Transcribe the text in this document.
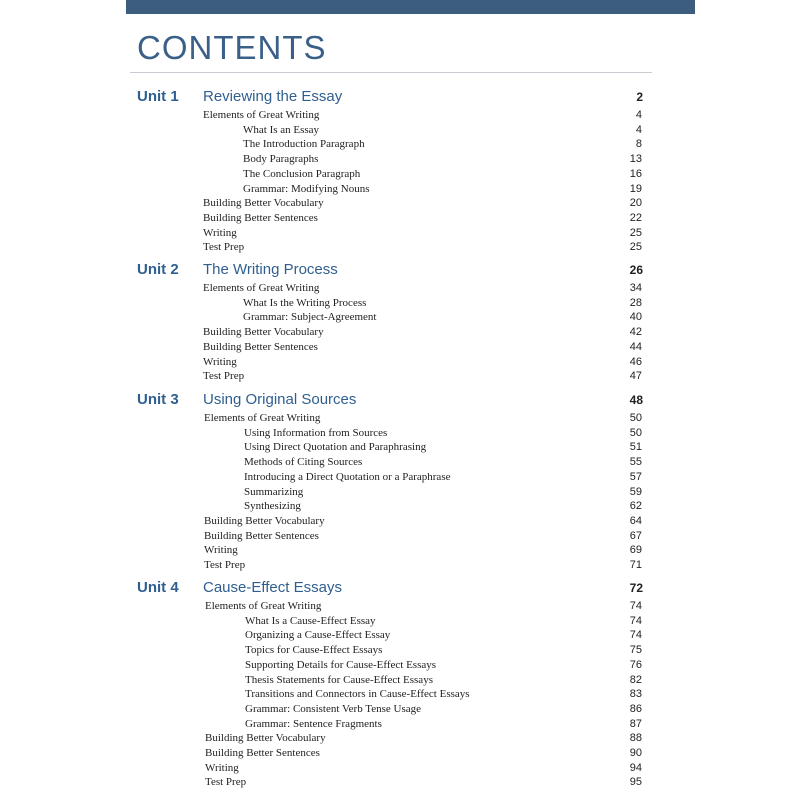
CONTENTS
Unit 1 Reviewing the Essay	2
Elements of Great Writing	4
What Is an Essay	4
The Introduction Paragraph	8
Body Paragraphs	13
The Conclusion Paragraph	16
Grammar: Modifying Nouns	19
Building Better Vocabulary	20
Building Better Sentences	22
Writing	25
Test Prep	25
Unit 2 The Writing Process	26
Elements of Great Writing	34
What Is the Writing Process	28
Grammar: Subject-Agreement	40
Building Better Vocabulary	42
Building Better Sentences	44
Writing	46
Test Prep	47
Unit 3 Using Original Sources	48
Elements of Great Writing	50
Using Information from Sources	50
Using Direct Quotation and Paraphrasing	51
Methods of Citing Sources	55
Introducing a Direct Quotation or a Paraphrase	57
Summarizing	59
Synthesizing	62
Building Better Vocabulary	64
Building Better Sentences	67
Writing	69
Test Prep	71
Unit 4 Cause-Effect Essays	72
Elements of Great Writing	74
What Is a Cause-Effect Essay	74
Organizing a Cause-Effect Essay	74
Topics for Cause-Effect Essays	75
Supporting Details for Cause-Effect Essays	76
Thesis Statements for Cause-Effect Essays	82
Transitions and Connectors in Cause-Effect Essays	83
Grammar: Consistent Verb Tense Usage	86
Grammar: Sentence Fragments	87
Building Better Vocabulary	88
Building Better Sentences	90
Writing	94
Test Prep	95
